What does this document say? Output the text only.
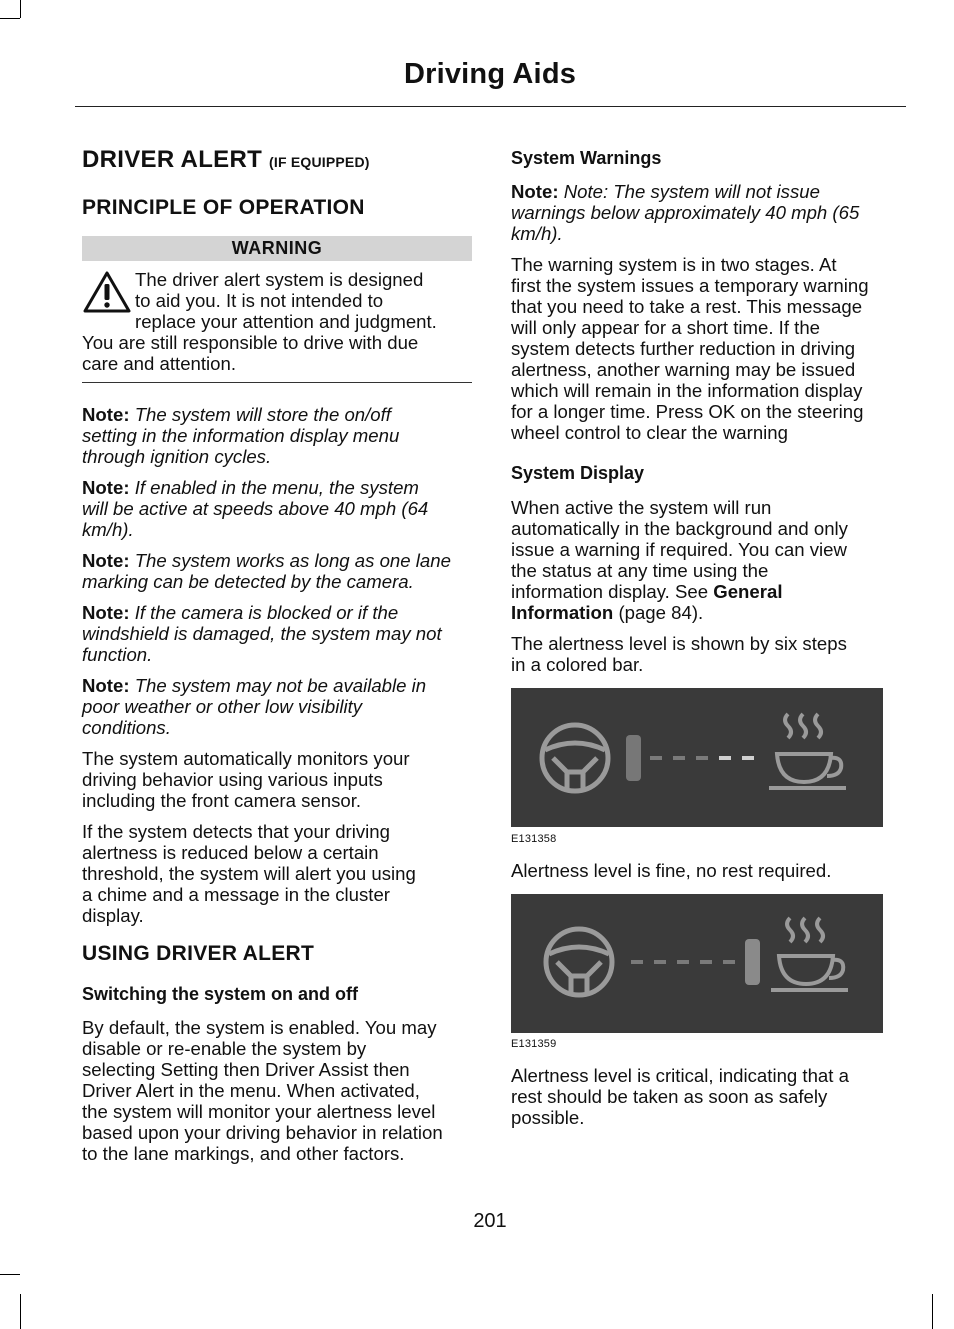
Driving Aids
DRIVER ALERT (IF EQUIPPED)
PRINCIPLE OF OPERATION
WARNING

The driver alert system is designed

to aid you. It is not intended to

replace your attention and judgment.

You are still responsible to drive with due

care and attention.

Note: The system will store the on/off

setting in the information display menu

through ignition cycles.

Note: If enabled in the menu, the system

will be active at speeds above 40 mph (64

km/h).

Note: The system works as long as one lane

marking can be detected by the camera.

Note: If the camera is blocked or if the

windshield is damaged, the system may not

function.

Note: The system may not be available in

poor weather or other low visibility

conditions.

The system automatically monitors your

driving behavior using various inputs

including the front camera sensor.

If the system detects that your driving

alertness is reduced below a certain

threshold, the system will alert you using

a chime and a message in the cluster

display.

USING DRIVER ALERT
Switching the system on and off

By default, the system is enabled. You may

disable or re-enable the system by

selecting Setting then Driver Assist then

Driver Alert in the menu. When activated,

the system will monitor your alertness level

based upon your driving behavior in relation

to the lane markings, and other factors.

System Warnings

Note: Note: The system will not issue

warnings below approximately 40 mph (65

km/h).

The warning system is in two stages. At

first the system issues a temporary warning

that you need to take a rest. This message

will only appear for a short time. If the

system detects further reduction in driving

alertness, another warning may be issued

which will remain in the information display

for a longer time. Press OK on the steering

wheel control to clear the warning

System Display

When active the system will run

automatically in the background and only

issue a warning if required. You can view

the status at any time using the

information display. See General

Information (page 84).

The alertness level is shown by six steps

in a colored bar.

E131358

Alertness level is fine, no rest required.

E131359

Alertness level is critical, indicating that a

rest should be taken as soon as safely

possible.

201
